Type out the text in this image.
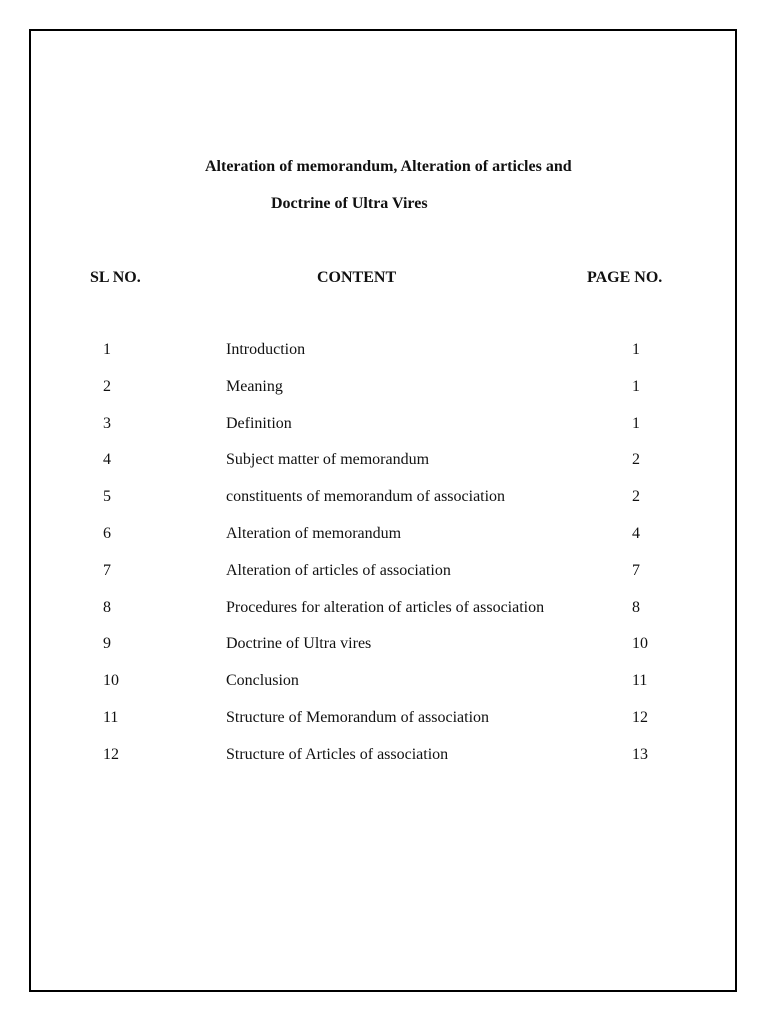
Alteration of memorandum, Alteration of articles and
Doctrine of Ultra Vires
SL NO.	CONTENT	PAGE NO.
1	Introduction	1
2	Meaning	1
3	Definition	1
4	Subject matter of memorandum	2
5	constituents of memorandum of association	2
6	Alteration of memorandum	4
7	Alteration of articles of association	7
8	Procedures for alteration of articles of association	8
9	Doctrine of Ultra vires	10
10	Conclusion	11
11	Structure of Memorandum of association	12
12	Structure of Articles of association	13
